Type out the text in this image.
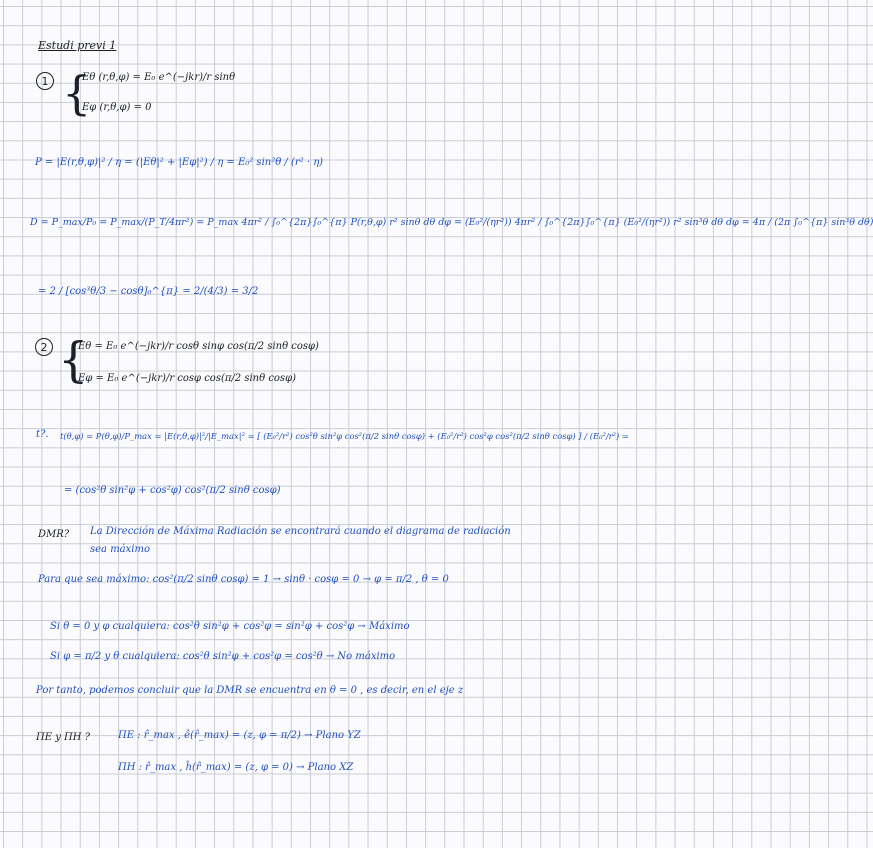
Estudi previ 1
1 {
Eθ (r,θ,φ) = E₀ e^(−jkr)/r sinθ
Eφ (r,θ,φ) = 0
P = |E(r,θ,φ)|² / η = (|Eθ|² + |Eφ|²) / η = E₀² sin²θ / (r² · η)
D = P_max/P₀ = P_max/(P_T/4πr²) = P_max 4πr² / ∫₀^{2π}∫₀^{π} P(r,θ,φ) r² sinθ dθ dφ = (E₀²/(ηr²)) 4πr² / ∫₀^{2π}∫₀^{π} (E₀²/(ηr²)) r² sin³θ dθ dφ = 4π / (2π ∫₀^{π} sin³θ dθ)
= 2 / [cos³θ/3 − cosθ]₀^{π} = 2/(4/3) = 3/2
2 {
Eθ = E₀ e^(−jkr)/r cosθ sinφ cos(π/2 sinθ cosφ)
Eφ = E₀ e^(−jkr)/r cosφ cos(π/2 sinθ cosφ)
t?. t(θ,φ) = P(θ,φ)/P_max = |E(r,θ,φ)|²/|E_max|² = [ (E₀²/r²) cos²θ sin²φ cos²(π/2 sinθ cosφ) + (E₀²/r²) cos²φ cos²(π/2 sinθ cosφ) ] / (E₀²/r²) =
= (cos²θ sin²φ + cos²φ) cos²(π/2 sinθ cosφ)
DMR? La Dirección de Máxima Radiación se encontrará cuando el diagrama de radiación
sea máximo
Para que sea máximo: cos²(π/2 sinθ cosφ) = 1 → sinθ · cosφ = 0 → φ = π/2 , θ = 0
Si θ = 0 y φ cualquiera: cos²θ sin²φ + cos²φ = sin²φ + cos²φ → Máximo
Si φ = π/2 y θ cualquiera: cos²θ sin²φ + cos²φ = cos²θ → No máximo
Por tanto, podemos concluir que la DMR se encuentra en θ = 0 , es decir, en el eje z
ΠE y ΠH ?	ΠE : r̂_max , ê(r̂_max) = (z, φ = π/2) → Plano YZ
ΠH : r̂_max , ĥ(r̂_max) = (z, φ = 0) → Plano XZ
